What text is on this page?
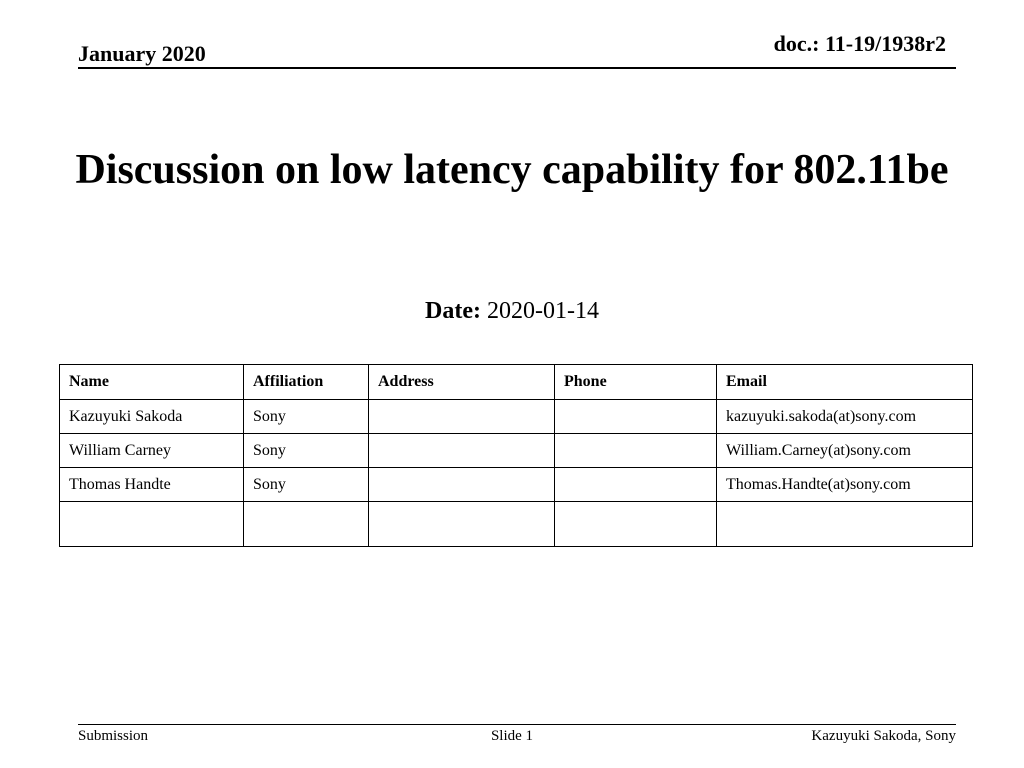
January 2020	doc.: 11-19/1938r2
Discussion on low latency capability for 802.11be
Date: 2020-01-14
Name	Affiliation	Address	Phone	Email
Kazuyuki Sakoda	Sony			kazuyuki.sakoda(at)sony.com
William Carney	Sony			William.Carney(at)sony.com
Thomas Handte	Sony			Thomas.Handte(at)sony.com

Submission	Slide 1	Kazuyuki Sakoda, Sony
